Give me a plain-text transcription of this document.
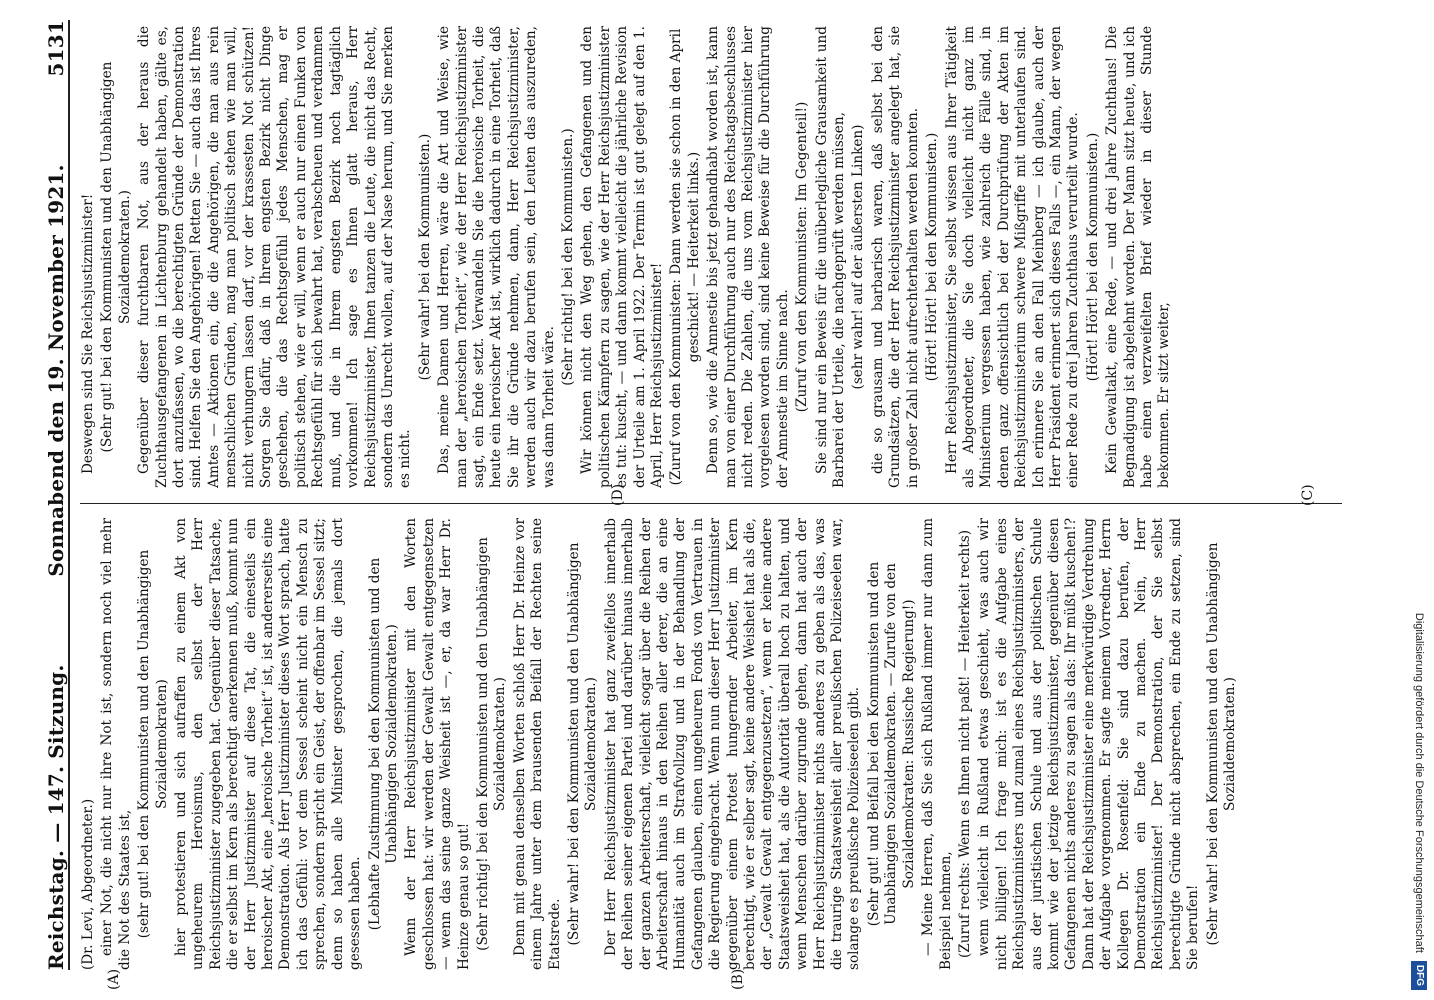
Reichstag. — 147. Sitzung.
Sonnabend den 19. November 1921.
5131

(Dr. Levi, Abgeordneter.) einer Not, die nicht nur ihre Not ist, sondern noch viel mehr die Not des Staates ist, (sehr gut! bei den Kommunisten und den Unabhängigen Sozialdemokraten) hier protestieren und sich aufraffen zu einem Akt von ungeheurem Heroismus, den selbst der Herr Reichsjustizminister zugegeben hat. Gegenüber dieser Tatsache, die er selbst im Kern als berechtigt anerkennen muß, kommt nun der Herr Justizminister auf diese Tat, die einesteils ein heroischer Akt, eine „heroische Torheit“ ist, ist andererseits eine Demonstration. Als Herr Justizminister dieses Wort sprach, hatte ich das Gefühl: vor dem Sessel scheint nicht ein Mensch zu sprechen, sondern spricht ein Geist, der offenbar im Sessel sitzt; denn so haben alle Minister gesprochen, die jemals dort gesessen haben. (Lebhafte Zustimmung bei den Kommunisten und den Unabhängigen Sozialdemokraten.) Wenn der Herr Reichsjustizminister mit den Worten geschlossen hat: wir werden der Gewalt Gewalt entgegensetzen — wenn das seine ganze Weisheit ist —, er, da war Herr Dr. Heinze genau so gut! (Sehr richtig! bei den Kommunisten und den Unabhängigen Sozialdemokraten.) Denn mit genau denselben Worten schloß Herr Dr. Heinze vor einem Jahre unter dem brausenden Beifall der Rechten seine Etatsrede. (Sehr wahr! bei den Kommunisten und den Unabhängigen Sozialdemokraten.) Der Herr Reichsjustizminister hat ganz zweifellos innerhalb der Reihen seiner eigenen Partei und darüber hinaus innerhalb der ganzen Arbeiterschaft, vielleicht sogar über die Reihen der Arbeiterschaft hinaus in den Reihen aller derer, die an eine Humanität auch im Strafvollzug und in der Behandlung der Gefangenen glauben, einen ungeheuren Fonds von Vertrauen in die Regierung eingebracht. Wenn nun dieser Herr Justizminister gegenüber einem Protest hungernder Arbeiter, im Kern berechtigt, wie er selber sagt, keine andere Weisheit hat als die, der „Gewalt Gewalt entgegenzusetzen“, wenn er keine andere Staatsweisheit hat, als die Autorität überall hoch zu halten, und wenn Menschen darüber zugrunde gehen, dann hat auch der Herr Reichsjustizminister nichts anderes zu geben als das, was die traurige Staatsweisheit aller preußischen Polizeiseelen war, solange es preußische Polizeiseelen gibt. (Sehr gut! und Beifall bei den Kommunisten und den Unabhängigen Sozialdemokraten. — Zurufe von den Sozialdemokraten: Russische Regierung!) — Meine Herren, daß Sie sich Rußland immer nur dann zum Beispiel nehmen, (Zuruf rechts: Wenn es Ihnen nicht paßt! — Heiterkeit rechts) wenn vielleicht in Rußland etwas geschieht, was auch wir nicht billigen! Ich frage mich: ist es die Aufgabe eines Reichsjustizministers und zumal eines Reichsjustizministers, der aus der juristischen Schule und aus der politischen Schule kommt wie der jetzige Reichsjustizminister, gegenüber diesen Gefangenen nichts anderes zu sagen als das: Ihr müßt kuschen!? Dann hat der Reichsjustizminister eine merkwürdige Verdrehung der Aufgabe vorgenommen. Er sagte meinem Vorredner, Herrn Kollegen Dr. Rosenfeld: Sie sind dazu berufen, der Demonstration ein Ende zu machen. Nein, Herr Reichsjustizminister! Der Demonstration, der Sie selbst berechtigte Gründe nicht absprechen, ein Ende zu setzen, sind Sie berufen! (Sehr wahr! bei den Kommunisten und den Unabhängigen Sozialdemokraten.)

Deswegen sind Sie Reichsjustizminister! (Sehr gut! bei den Kommunisten und den Unabhängigen Sozialdemokraten.) Gegenüber dieser furchtbaren Not, aus der heraus die Zuchthausgefangenen in Lichtenburg gehandelt haben, gälte es, dort anzufassen, wo die berechtigten Gründe der Demonstration sind. Helfen Sie den Angehörigen! Retten Sie — auch das ist Ihres Amtes — Aktionen ein, die die Angehörigen, die man aus rein menschlichen Gründen, mag man politisch stehen wie man will, nicht verhungern lassen darf, vor der krassesten Not schützen! Sorgen Sie dafür, daß in Ihrem engsten Bezirk nicht Dinge geschehen, die das Rechtsgefühl jedes Menschen, mag er politisch stehen, wie er will, wenn er auch nur einen Funken von Rechtsgefühl für sich bewahrt hat, verabscheuen und verdammen muß, und die in Ihrem engsten Bezirk noch tagtäglich vorkommen! Ich sage es Ihnen glatt heraus, Herr Reichsjustizminister, Ihnen tanzen die Leute, die nicht das Recht, sondern das Unrecht wollen, auf der Nase herum, und Sie merken es nicht.

(Sehr wahr! bei den Kommunisten.) Das, meine Damen und Herren, wäre die Art und Weise, wie man der „heroischen Torheit“, wie der Herr Reichsjustizminister sagt, ein Ende setzt. Verwandeln Sie die heroische Torheit, die heute ein heroischer Akt ist, wirklich dadurch in eine Torheit, daß Sie ihr die Gründe nehmen, dann, Herr Reichsjustizminister, werden auch wir dazu berufen sein, den Leuten das auszureden, was dann Torheit wäre.

(Sehr richtig! bei den Kommunisten.) Wir können nicht den Weg gehen, den Gefangenen und den politischen Kämpfern zu sagen, wie der Herr Reichsjustizminister es tut: kuscht, — und dann kommt vielleicht die jährliche Revision der Urteile am 1. April 1922. Der Termin ist gut gelegt auf den 1. April, Herr Reichsjustizminister! (Zuruf von den Kommunisten: Dann werden sie schon in den April geschickt! — Heiterkeit links.) Denn so, wie die Amnestie bis jetzt gehandhabt worden ist, kann man von einer Durchführung auch nur des Reichstagsbeschlusses nicht reden. Die Zahlen, die uns vom Reichsjustizminister hier vorgelesen worden sind, sind keine Beweise für die Durchführung der Amnestie im Sinne nach. (Zuruf von den Kommunisten: Im Gegenteil!) Sie sind nur ein Beweis für die unüberlegliche Grausamkeit und Barbarei der Urteile, die nachgeprüft werden müssen, (sehr wahr! auf der äußersten Linken) die so grausam und barbarisch waren, daß selbst bei den Grundsätzen, die der Herr Reichsjustizminister angelegt hat, sie in großer Zahl nicht aufrechterhalten werden konnten. (Hört! Hört! bei den Kommunisten.) Herr Reichsjustizminister, Sie selbst wissen aus Ihrer Tätigkeit als Abgeordneter, die Sie doch vielleicht nicht ganz im Ministerium vergessen haben, wie zahlreich die Fälle sind, in denen ganz offensichtlich bei der Durchprüfung der Akten im Reichsjustizministerium schwere Mißgriffe mit unterlaufen sind. Ich erinnere Sie an den Fall Meinberg — ich glaube, auch der Herr Präsident erinnert sich dieses Falls —, ein Mann, der wegen einer Rede zu drei Jahren Zuchthaus verurteilt wurde. (Hört! Hört! bei den Kommunisten.) Kein Gewaltakt, eine Rede, — und drei Jahre Zuchthaus! Die Begnadigung ist abgelehnt worden. Der Mann sitzt heute, und ich habe einen verzweifelten Brief wieder in dieser Stunde bekommen. Er sitzt weiter,

(A)	(B)
(C)
(D)
Digitalisierung gefördert durch die Deutsche Forschungsgemeinschaft
DFG
